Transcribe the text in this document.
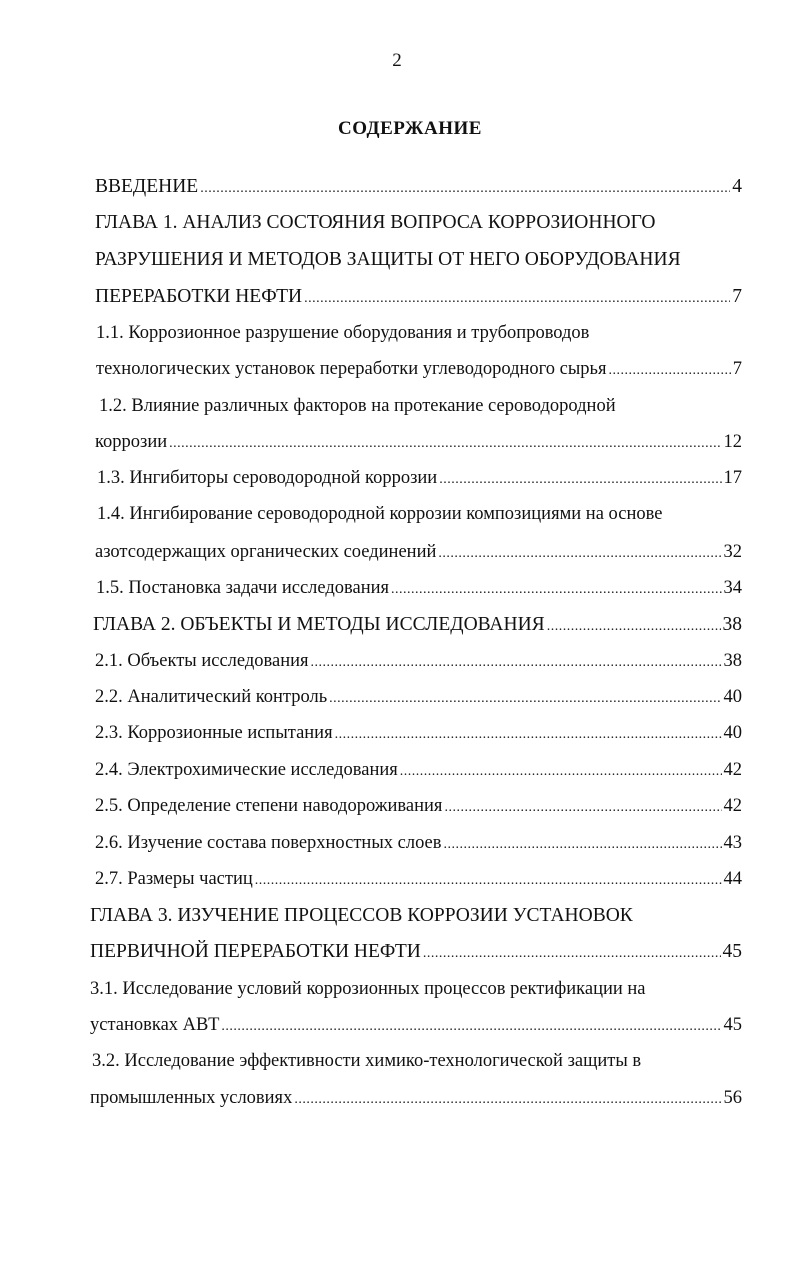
2
СОДЕРЖАНИЕ
ВВЕДЕНИЕ .....	4
ГЛАВА 1. АНАЛИЗ СОСТОЯНИЯ ВОПРОСА КОРРОЗИОННОГО
РАЗРУШЕНИЯ И МЕТОДОВ ЗАЩИТЫ ОТ НЕГО ОБОРУДОВАНИЯ
ПЕРЕРАБОТКИ НЕФТИ .....	7
1.1. Коррозионное разрушение оборудования и трубопроводов
технологических установок переработки углеводородного сырья .....	7
1.2. Влияние различных факторов на протекание сероводородной
коррозии .....	12
1.3. Ингибиторы сероводородной коррозии .....	17
1.4. Ингибирование сероводородной коррозии композициями на основе
азотсодержащих органических соединений .....	32
1.5. Постановка задачи исследования .....	34
ГЛАВА 2. ОБЪЕКТЫ И МЕТОДЫ ИССЛЕДОВАНИЯ .....	38
2.1. Объекты исследования .....	38
2.2. Аналитический контроль .....	40
2.3. Коррозионные испытания .....	40
2.4. Электрохимические исследования .....	42
2.5. Определение степени наводороживания .....	42
2.6. Изучение состава поверхностных слоев .....	43
2.7. Размеры частиц .....	44
ГЛАВА 3. ИЗУЧЕНИЕ ПРОЦЕССОВ КОРРОЗИИ УСТАНОВОК
ПЕРВИЧНОЙ ПЕРЕРАБОТКИ НЕФТИ .....	45
3.1. Исследование условий коррозионных процессов ректификации на
установках АВТ .....	45
3.2. Исследование эффективности химико-технологической защиты в
промышленных условиях .....	56
